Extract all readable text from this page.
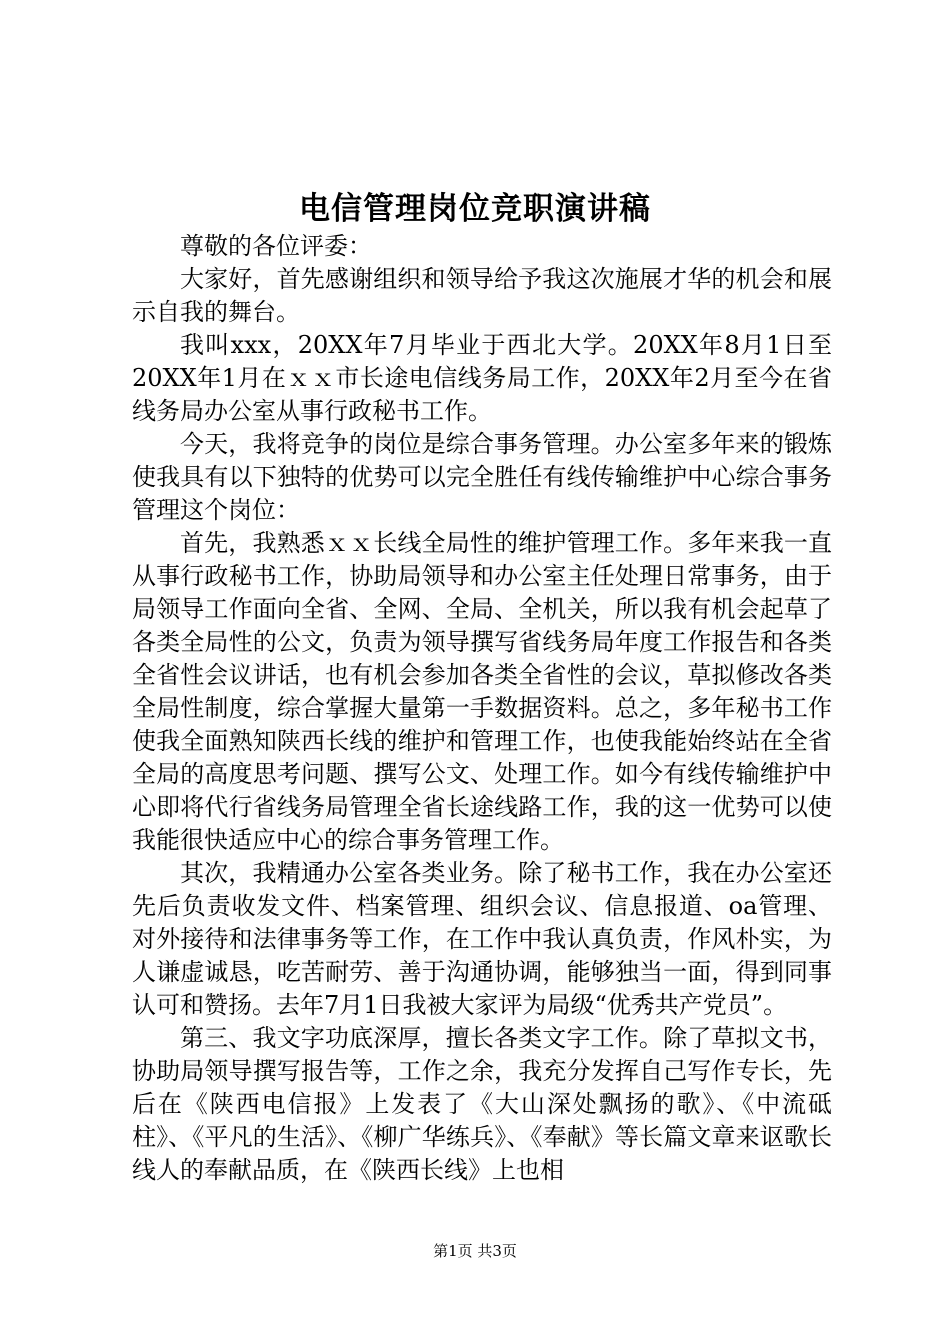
电信管理岗位竞职演讲稿

尊敬的各位评委：

大家好，首先感谢组织和领导给予我这次施展才华的机会和展示自我的舞台。

我叫xxx，20XX年7月毕业于西北大学。20XX年8月1日至20XX年1月在ｘｘ市长途电信线务局工作，20XX年2月至今在省线务局办公室从事行政秘书工作。

今天，我将竞争的岗位是综合事务管理。办公室多年来的锻炼使我具有以下独特的优势可以完全胜任有线传输维护中心综合事务管理这个岗位：

首先，我熟悉ｘｘ长线全局性的维护管理工作。多年来我一直从事行政秘书工作，协助局领导和办公室主任处理日常事务，由于局领导工作面向全省、全网、全局、全机关，所以我有机会起草了各类全局性的公文，负责为领导撰写省线务局年度工作报告和各类全省性会议讲话，也有机会参加各类全省性的会议，草拟修改各类全局性制度，综合掌握大量第一手数据资料。总之，多年秘书工作使我全面熟知陕西长线的维护和管理工作，也使我能始终站在全省全局的高度思考问题、撰写公文、处理工作。如今有线传输维护中心即将代行省线务局管理全省长途线路工作，我的这一优势可以使我能很快适应中心的综合事务管理工作。

其次，我精通办公室各类业务。除了秘书工作，我在办公室还先后负责收发文件、档案管理、组织会议、信息报道、oa管理、对外接待和法律事务等工作，在工作中我认真负责，作风朴实，为人谦虚诚恳，吃苦耐劳、善于沟通协调，能够独当一面，得到同事认可和赞扬。去年7月1日我被大家评为局级“优秀共产党员”。

第三、我文字功底深厚，擅长各类文字工作。除了草拟文书，协助局领导撰写报告等，工作之余，我充分发挥自己写作专长，先后在《陕西电信报》上发表了《大山深处飘扬的歌》、《中流砥柱》、《平凡的生活》、《柳广华练兵》、《奉献》等长篇文章来讴歌长线人的奉献品质，在《陕西长线》上也相

第1页 共3页
